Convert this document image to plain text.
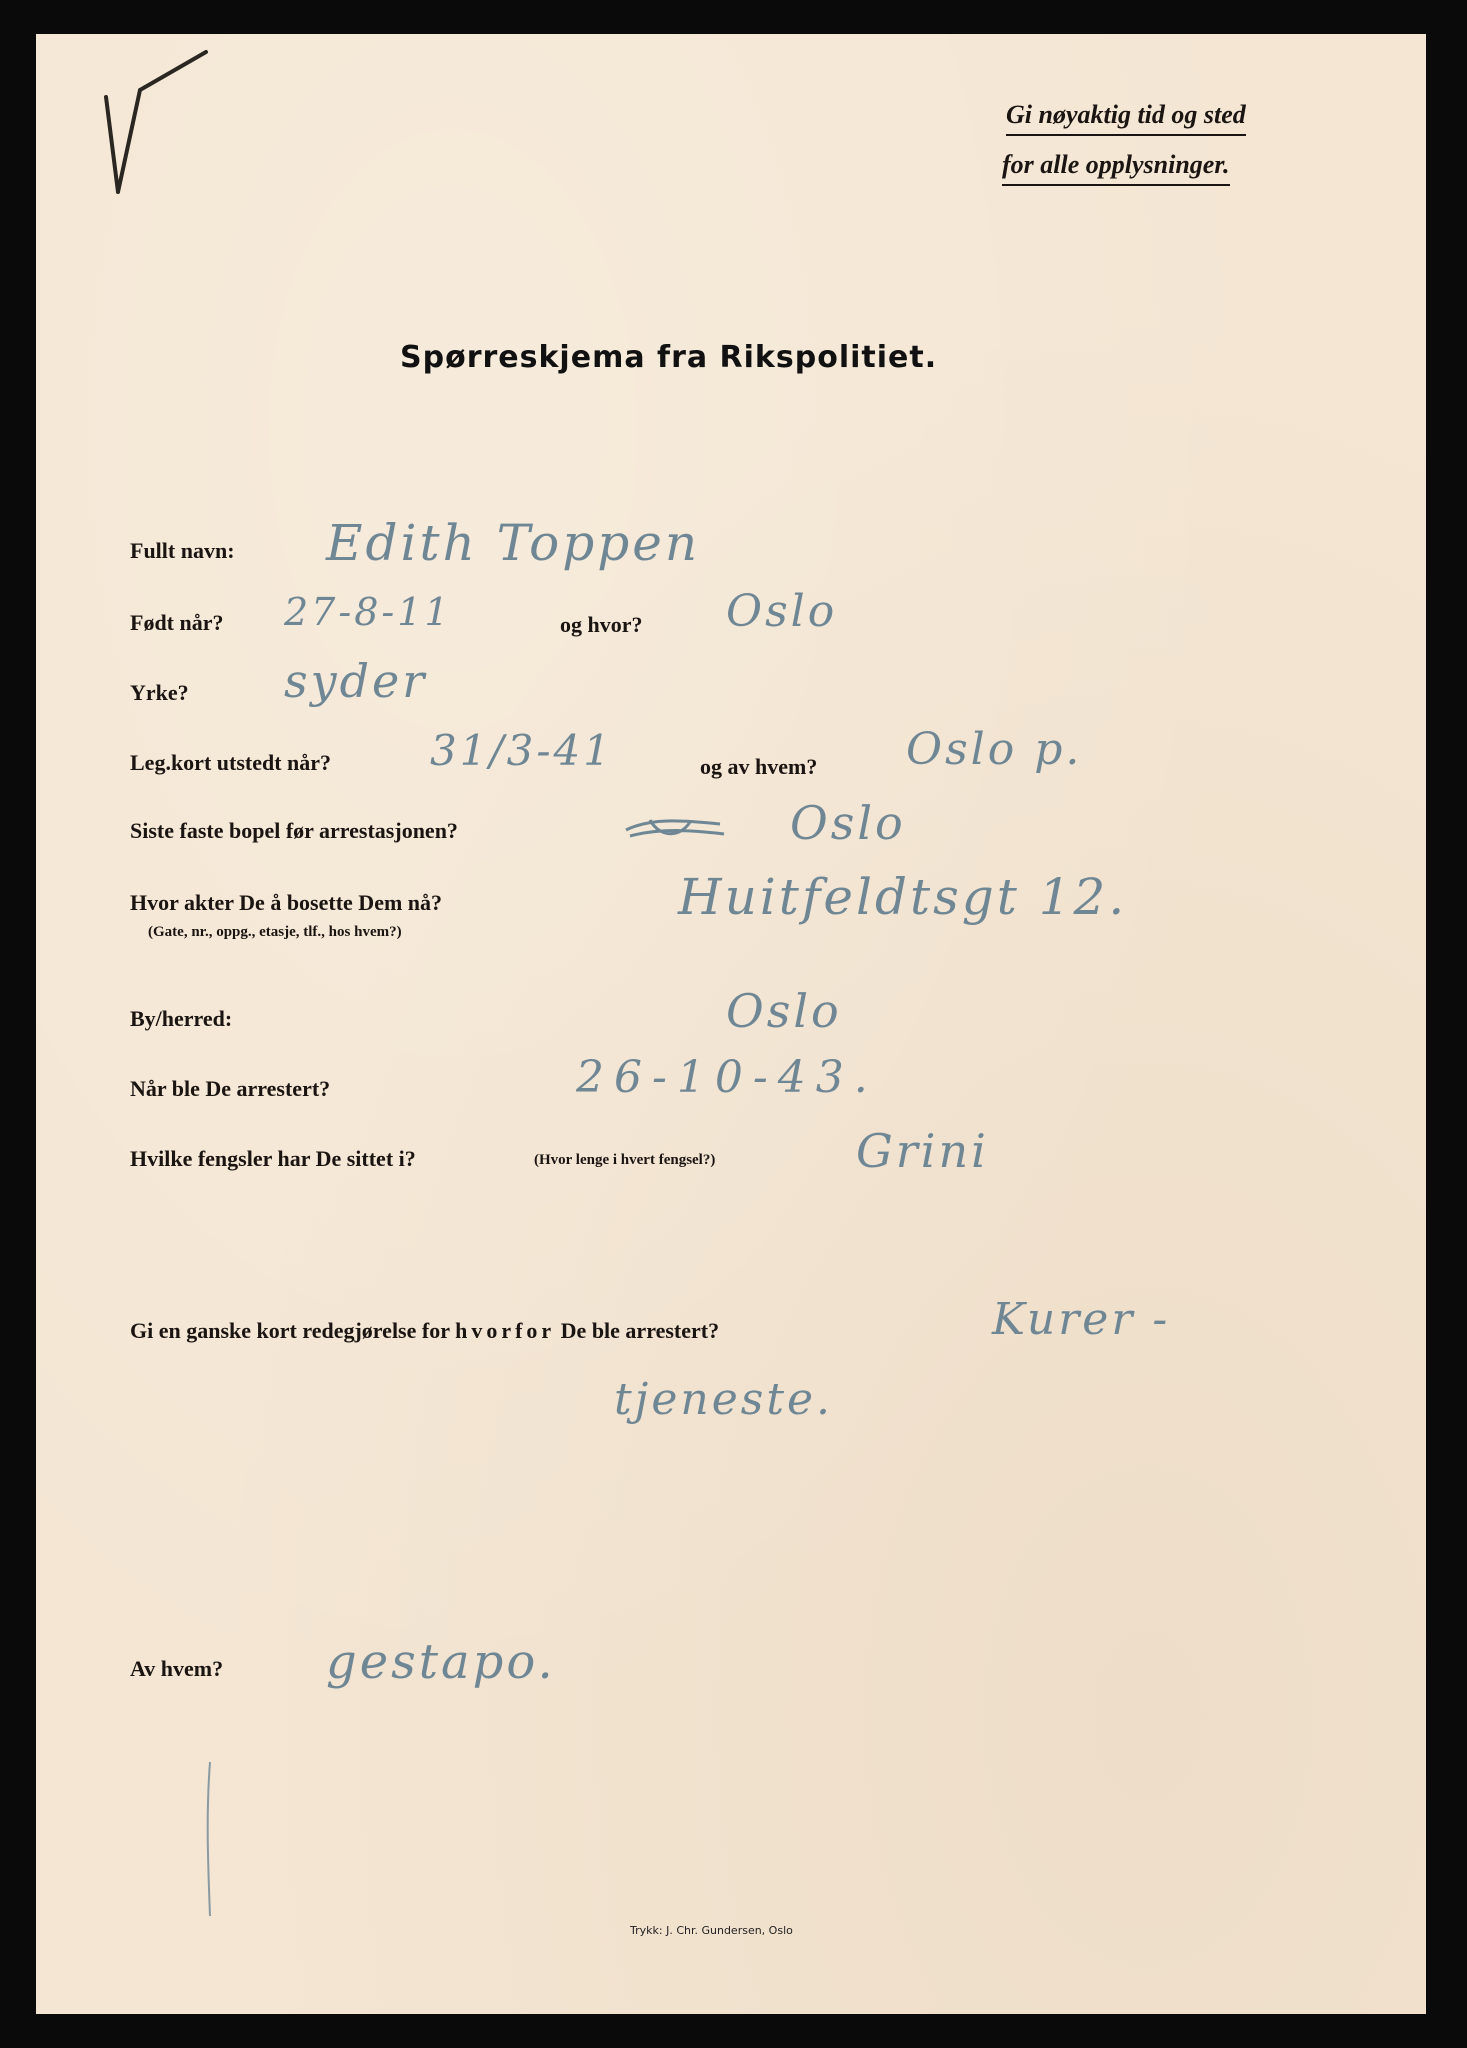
Gi nøyaktig tid og sted
for alle opplysninger.
Spørreskjema fra Rikspolitiet.
Fullt navn: Edith Toppen
Født når? 27-8-11	og hvor? Oslo
Yrke? syder
Leg.kort utstedt når? 31/3-41	og av hvem? Oslo p.
Siste faste bopel før arrestasjonen?	Oslo
Hvor akter De å bosette Dem nå?
(Gate, nr., oppg., etasje, tlf., hos hvem?)
Huitfeldtsgt 12.
By/herred:	Oslo
Når ble De arrestert?	26-10-43.
Hvilke fengsler har De sittet i?	(Hvor lenge i hvert fengsel?)	Grini
Gi en ganske kort redegjørelse for hvorfor De ble arrestert?	Kurer -
tjeneste.
Av hvem? gestapo.
Trykk: J. Chr. Gundersen, Oslo
